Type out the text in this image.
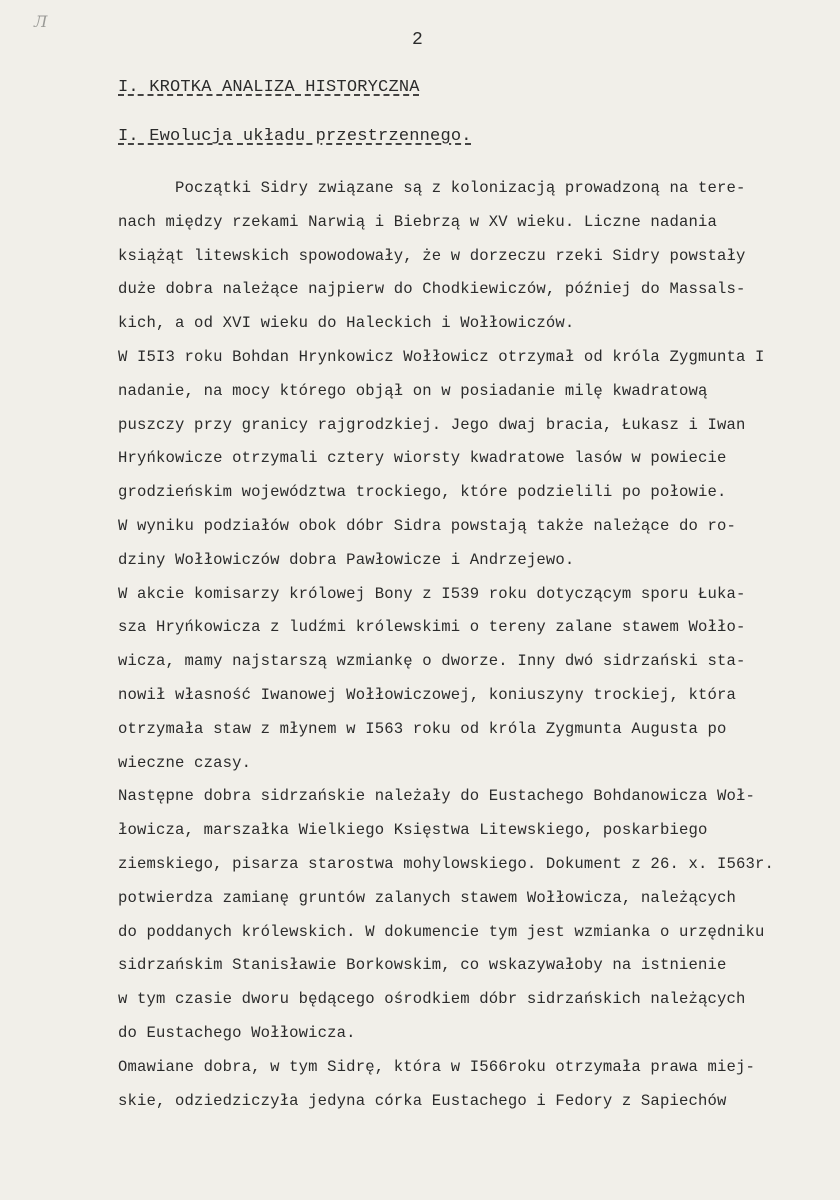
Л
2
I. KROTKA ANALIZA HISTORYCZNA
I. Ewolucja układu przestrzennego.
Początki Sidry związane są z kolonizacją prowadzoną na tere-
nach między rzekami Narwią i Biebrzą w XV wieku. Liczne nadania
książąt litewskich spowodowały, że w dorzeczu rzeki Sidry powstały
duże dobra należące najpierw do Chodkiewiczów, później do Massals-
kich, a od XVI wieku do Haleckich i Wołłowiczów.
W I5I3 roku Bohdan Hrynkowicz Wołłowicz otrzymał od króla Zygmunta I
nadanie, na mocy którego objął on w posiadanie milę kwadratową
puszczy przy granicy rajgrodzkiej. Jego dwaj bracia, Łukasz i Iwan
Hryńkowicze otrzymali cztery wiorsty kwadratowe lasów w powiecie
grodzieńskim województwa trockiego, które podzielili po połowie.
W wyniku podziałów obok dóbr Sidra powstają także należące do ro-
dziny Wołłowiczów dobra Pawłowicze i Andrzejewo.
W akcie komisarzy królowej Bony z I539 roku dotyczącym sporu Łuka-
sza Hryńkowicza z ludźmi królewskimi o tereny zalane stawem Wołło-
wicza, mamy najstarszą wzmiankę o dworze. Inny dwó sidrzański sta-
nowił własność Iwanowej Wołłowiczowej, koniuszyny trockiej, która
otrzymała staw z młynem w I563 roku od króla Zygmunta Augusta po
wieczne czasy.
Następne dobra sidrzańskie należały do Eustachego Bohdanowicza Woł-
łowicza, marszałka Wielkiego Księstwa Litewskiego, poskarbiego
ziemskiego, pisarza starostwa mohylowskiego. Dokument z 26. x. I563r.
potwierdza zamianę gruntów zalanych stawem Wołłowicza, należących
do poddanych królewskich. W dokumencie tym jest wzmianka o urzędniku
sidrzańskim Stanisławie Borkowskim, co wskazywałoby na istnienie
w tym czasie dworu będącego ośrodkiem dóbr sidrzańskich należących
do Eustachego Wołłowicza.
Omawiane dobra, w tym Sidrę, która w I566roku otrzymała prawa miej-
skie, odziedziczyła jedyna córka Eustachego i Fedory z Sapiechów
